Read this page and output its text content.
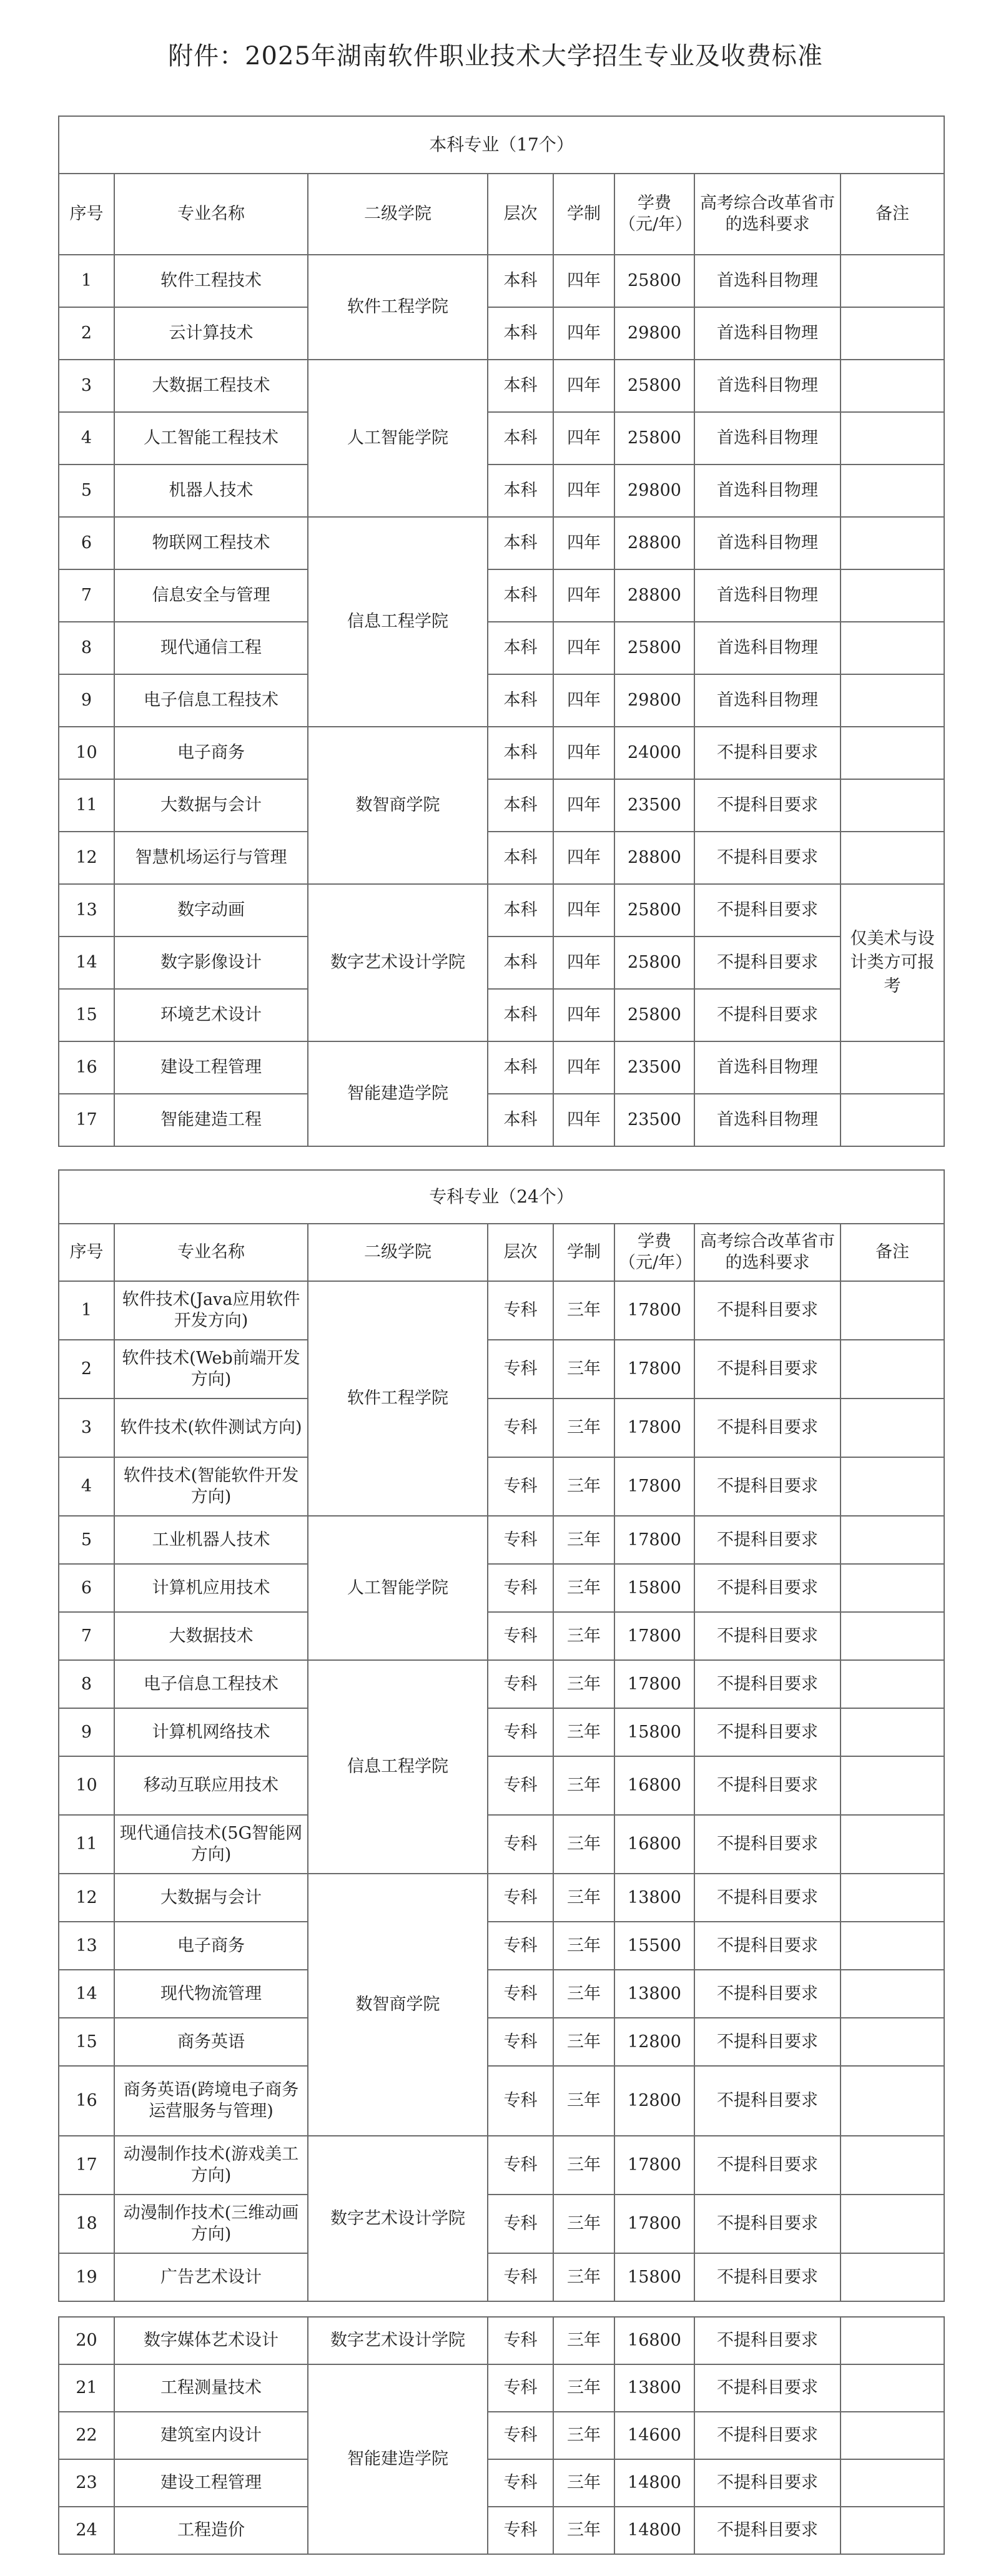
附件：2025年湖南软件职业技术大学招生专业及收费标准
本科专业（17个）							
序号	专业名称	二级学院	层次	学制	学费（元/年）	高考综合改革省市的选科要求	备注
1	软件工程技术	软件工程学院	本科	四年	25800	首选科目物理	
2	云计算技术		本科	四年	29800	首选科目物理	
3	大数据工程技术	人工智能学院	本科	四年	25800	首选科目物理	
4	人工智能工程技术		本科	四年	25800	首选科目物理	
5	机器人技术		本科	四年	29800	首选科目物理	
6	物联网工程技术	信息工程学院	本科	四年	28800	首选科目物理	
7	信息安全与管理		本科	四年	28800	首选科目物理	
8	现代通信工程		本科	四年	25800	首选科目物理	
9	电子信息工程技术		本科	四年	29800	首选科目物理	
10	电子商务	数智商学院	本科	四年	24000	不提科目要求	
11	大数据与会计		本科	四年	23500	不提科目要求	
12	智慧机场运行与管理		本科	四年	28800	不提科目要求	
13	数字动画	数字艺术设计学院	本科	四年	25800	不提科目要求	仅美术与设计类方可报考
14	数字影像设计		本科	四年	25800	不提科目要求	
15	环境艺术设计		本科	四年	25800	不提科目要求	
16	建设工程管理	智能建造学院	本科	四年	23500	首选科目物理	
17	智能建造工程		本科	四年	23500	首选科目物理	
专科专业（24个）							
序号	专业名称	二级学院	层次	学制	学费（元/年）	高考综合改革省市的选科要求	备注
1	软件技术(Java应用软件开发方向)	软件工程学院	专科	三年	17800	不提科目要求	
2	软件技术(Web前端开发方向)		专科	三年	17800	不提科目要求	
3	软件技术(软件测试方向)		专科	三年	17800	不提科目要求	
4	软件技术(智能软件开发方向)		专科	三年	17800	不提科目要求	
5	工业机器人技术	人工智能学院	专科	三年	17800	不提科目要求	
6	计算机应用技术		专科	三年	15800	不提科目要求	
7	大数据技术		专科	三年	17800	不提科目要求	
8	电子信息工程技术	信息工程学院	专科	三年	17800	不提科目要求	
9	计算机网络技术		专科	三年	15800	不提科目要求	
10	移动互联应用技术		专科	三年	16800	不提科目要求	
11	现代通信技术(5G智能网方向)		专科	三年	16800	不提科目要求	
12	大数据与会计	数智商学院	专科	三年	13800	不提科目要求	
13	电子商务		专科	三年	15500	不提科目要求	
14	现代物流管理		专科	三年	13800	不提科目要求	
15	商务英语		专科	三年	12800	不提科目要求	
16	商务英语(跨境电子商务运营服务与管理)		专科	三年	12800	不提科目要求	
17	动漫制作技术(游戏美工方向)	数字艺术设计学院	专科	三年	17800	不提科目要求	
18	动漫制作技术(三维动画方向)		专科	三年	17800	不提科目要求	
19	广告艺术设计		专科	三年	15800	不提科目要求	
20	数字媒体艺术设计	数字艺术设计学院	专科	三年	16800	不提科目要求	
21	工程测量技术	智能建造学院	专科	三年	13800	不提科目要求	
22	建筑室内设计		专科	三年	14600	不提科目要求	
23	建设工程管理		专科	三年	14800	不提科目要求	
24	工程造价		专科	三年	14800	不提科目要求	
